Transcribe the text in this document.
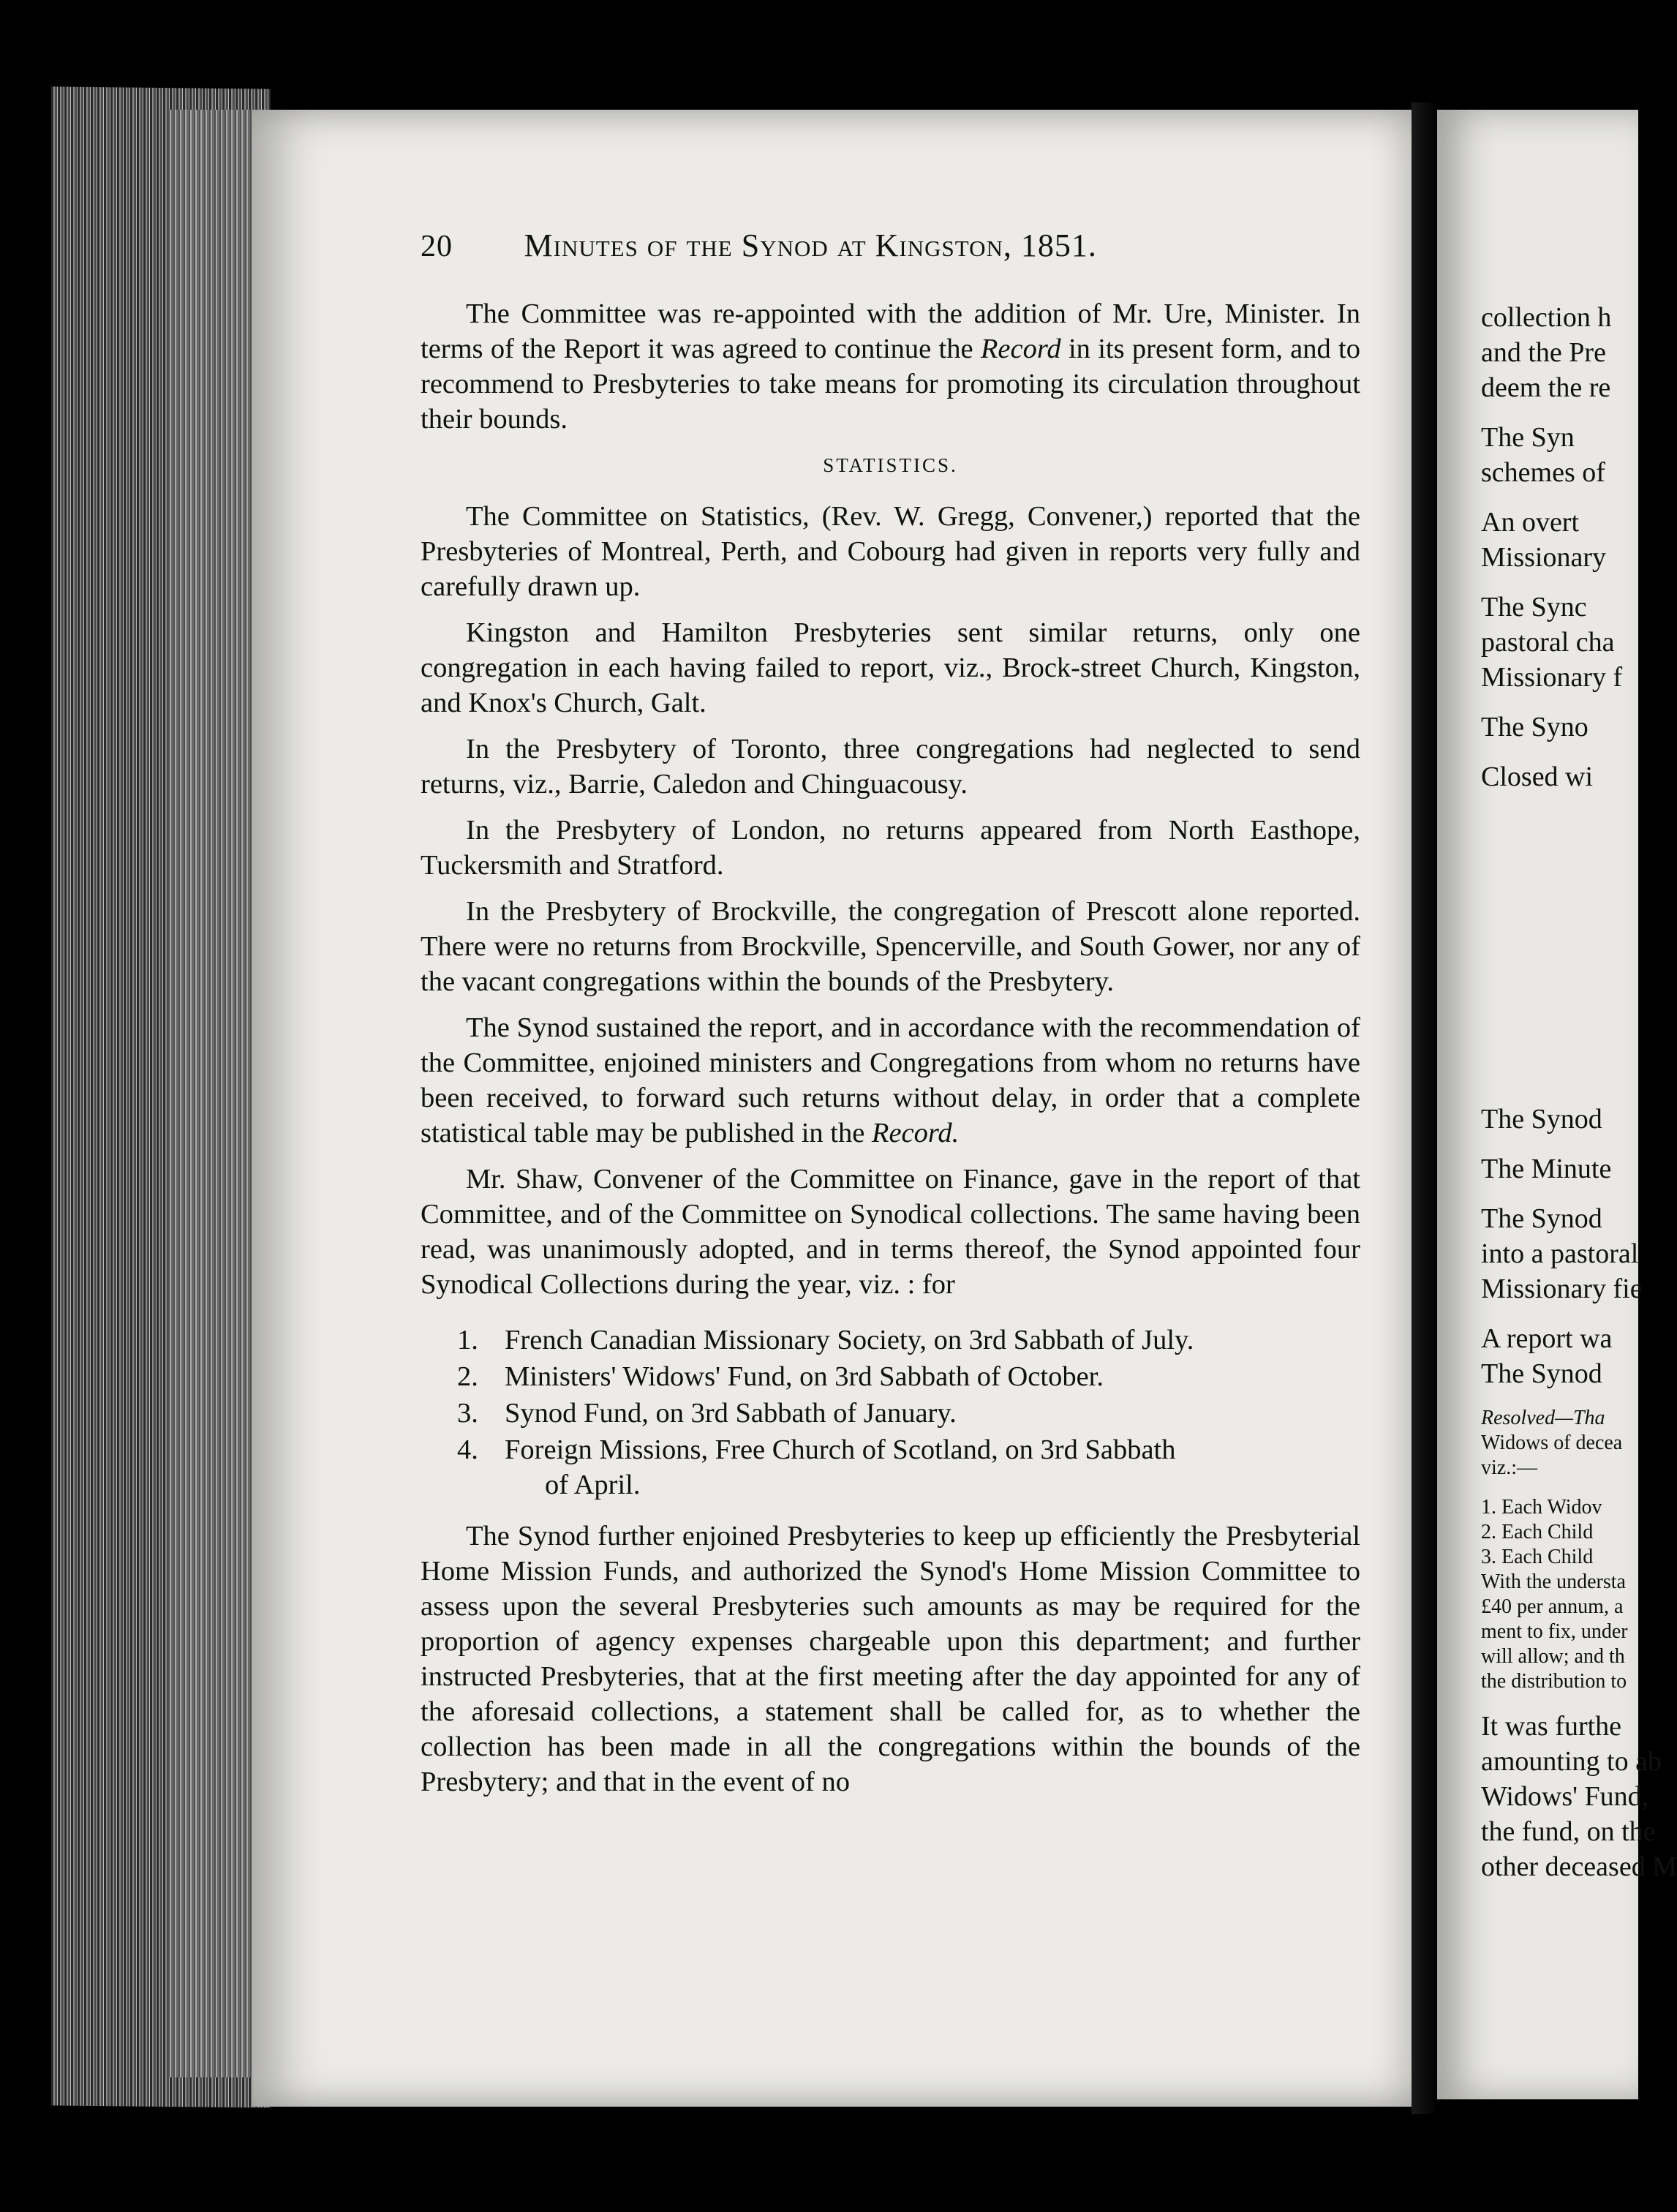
20 Minutes of the Synod at Kingston, 1851.

The Committee was re-appointed with the addition of Mr. Ure, Minister. In terms of the Report it was agreed to continue the Record in its present form, and to recommend to Presbyteries to take means for promoting its circulation throughout their bounds.

STATISTICS.

The Committee on Statistics, (Rev. W. Gregg, Convener,) reported that the Presbyteries of Montreal, Perth, and Cobourg had given in reports very fully and carefully drawn up.

Kingston and Hamilton Presbyteries sent similar returns, only one congregation in each having failed to report, viz., Brock-street Church, Kingston, and Knox's Church, Galt.

In the Presbytery of Toronto, three congregations had neglected to send returns, viz., Barrie, Caledon and Chinguacousy.

In the Presbytery of London, no returns appeared from North Easthope, Tuckersmith and Stratford.

In the Presbytery of Brockville, the congregation of Prescott alone reported. There were no returns from Brockville, Spencerville, and South Gower, nor any of the vacant congregations within the bounds of the Presbytery.

The Synod sustained the report, and in accordance with the recommendation of the Committee, enjoined ministers and Congregations from whom no returns have been received, to forward such returns without delay, in order that a complete statistical table may be published in the Record.

Mr. Shaw, Convener of the Committee on Finance, gave in the report of that Committee, and of the Committee on Synodical collections. The same having been read, was unanimously adopted, and in terms thereof, the Synod appointed four Synodical Collections during the year, viz. : for

1. French Canadian Missionary Society, on 3rd Sabbath of July.
2. Ministers' Widows' Fund, on 3rd Sabbath of October.
3. Synod Fund, on 3rd Sabbath of January.
4. Foreign Missions, Free Church of Scotland, on 3rd Sabbath
of April.

The Synod further enjoined Presbyteries to keep up efficiently the Presbyterial Home Mission Funds, and authorized the Synod's Home Mission Committee to assess upon the several Presbyteries such amounts as may be required for the proportion of agency expenses chargeable upon this department; and further instructed Presbyteries, that at the first meeting after the day appointed for any of the aforesaid collections, a statement shall be called for, as to whether the collection has been made in all the congregations within the bounds of the Presbytery; and that in the event of no

collection h
and the Pre
deem the re
The Syn
schemes of
An overt
Missionary
The Sync
pastoral cha
Missionary f
The Syno
Closed wi
The Synod
The Minute
The Synod
into a pastoral
Missionary fie
A report wa
The Synod
Resolved—Tha
Widows of decea
viz.:—
1. Each Widov
2. Each Child
3. Each Child
With the understa
£40 per annum, a
ment to fix, under
will allow; and th
the distribution to
It was furthe
amounting to ab
Widows' Fund,
the fund, on the
other deceased M
